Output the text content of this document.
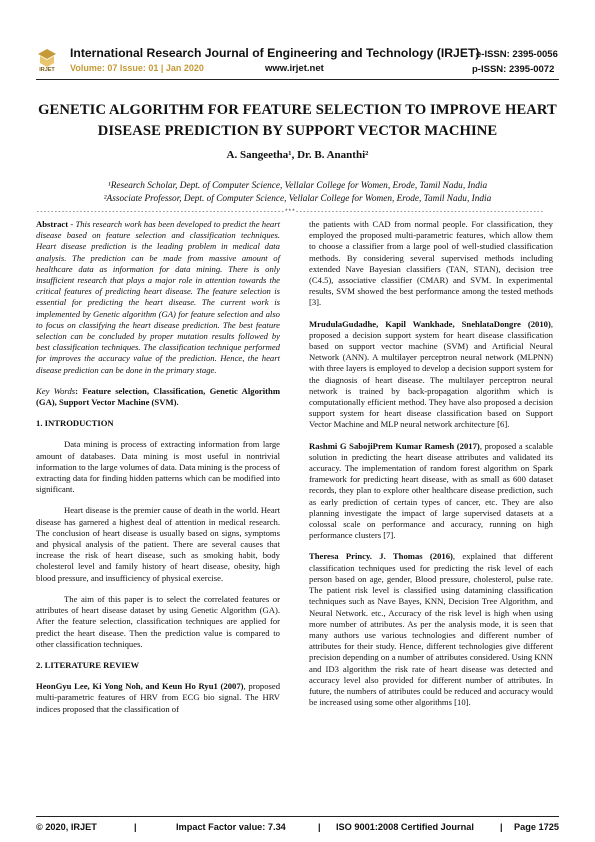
IRJET
International Research Journal of Engineering and Technology (IRJET)
Volume: 07 Issue: 01 | Jan 2020	www.irjet.net
e-ISSN: 2395-0056
p-ISSN: 2395-0072
GENETIC ALGORITHM FOR FEATURE SELECTION TO IMPROVE HEART
DISEASE PREDICTION BY SUPPORT VECTOR MACHINE
A. Sangeetha¹, Dr. B. Ananthi²
¹Research Scholar, Dept. of Computer Science, Vellalar College for Women, Erode, Tamil Nadu, India
²Associate Professor, Dept. of Computer Science, Vellalar College for Women, Erode, Tamil Nadu, India
---------------------------------------------------------------------***---------------------------------------------------------------------

Abstract - This research work has been developed to predict the heart disease based on feature selection and classification techniques. Heart disease prediction is the leading problem in medical data analysis. The prediction can be made from massive amount of healthcare data as information for data mining. There is only insufficient research that plays a major role in attention towards the critical features of predicting heart disease. The feature selection is essential for predicting the heart disease. The current work is implemented by Genetic algorithm (GA) for feature selection and also to focus on classifying the heart disease prediction. The best feature selection can be concluded by proper mutation results followed by best classification techniques. The classification technique performed for improves the accuracy value of the prediction. Hence, the heart disease prediction can be done in the primary stage.

Key Words: Feature selection, Classification, Genetic Algorithm (GA), Support Vector Machine (SVM).

1. INTRODUCTION

Data mining is process of extracting information from large amount of databases. Data mining is most useful in nontrivial information to the large volumes of data. Data mining is the process of extracting data for finding hidden patterns which can be modified into significant.

Heart disease is the premier cause of death in the world. Heart disease has garnered a highest deal of attention in medical research. The conclusion of heart disease is usually based on signs, symptoms and physical analysis of the patient. There are several causes that increase the risk of heart disease, such as smoking habit, body cholesterol level and family history of heart disease, obesity, high blood pressure, and insufficiency of physical exercise.

The aim of this paper is to select the correlated features or attributes of heart disease dataset by using Genetic Algorithm (GA). After the feature selection, classification techniques are applied for predict the heart disease. Then the prediction value is compared to other classification techniques.

2. LITERATURE REVIEW

HeonGyu Lee, Ki Yong Noh, and Keun Ho Ryu1 (2007), proposed multi-parametric features of HRV from ECG bio signal. The HRV indices proposed that the classification of

the patients with CAD from normal people. For classification, they employed the proposed multi-parametric features, which allow them to choose a classifier from a large pool of well-studied classification methods. By considering several supervised methods including extended Nave Bayesian classifiers (TAN, STAN), decision tree (C4.5), associative classifier (CMAR) and SVM. In experimental results, SVM showed the best performance among the tested methods [3].

MrudulaGudadhe, Kapil Wankhade, SnehlataDongre (2010), proposed a decision support system for heart disease classification based on support vector machine (SVM) and Artificial Neural Network (ANN). A multilayer perceptron neural network (MLPNN) with three layers is employed to develop a decision support system for the diagnosis of heart disease. The multilayer perceptron neural network is trained by back-propagation algorithm which is computationally efficient method. They have also proposed a decision support system for heart disease classification based on Support Vector Machine and MLP neural network architecture [6].

Rashmi G SabojiPrem Kumar Ramesh (2017), proposed a scalable solution in predicting the heart disease attributes and validated its accuracy. The implementation of random forest algorithm on Spark framework for predicting heart disease, with as small as 600 dataset records, they plan to explore other healthcare disease prediction, such as early prediction of certain types of cancer, etc. They are also planning investigate the impact of large supervised datasets at a colossal scale on performance and accuracy, running on high performance clusters [7].

Theresa Princy. J. Thomas (2016), explained that different classification techniques used for predicting the risk level of each person based on age, gender, Blood pressure, cholesterol, pulse rate. The patient risk level is classified using datamining classification techniques such as Nave Bayes, KNN, Decision Tree Algorithm, and Neural Network. etc., Accuracy of the risk level is high when using more number of attributes. As per the analysis mode, it is seen that many authors use various technologies and different number of attributes for their study. Hence, different technologies give different precision depending on a number of attributes considered. Using KNN and ID3 algorithm the risk rate of heart disease was detected and accuracy level also provided for different number of attributes. In future, the numbers of attributes could be reduced and accuracy would be increased using some other algorithms [10].

© 2020, IRJET	|	Impact Factor value: 7.34	| ISO 9001:2008 Certified Journal	| Page 1725
